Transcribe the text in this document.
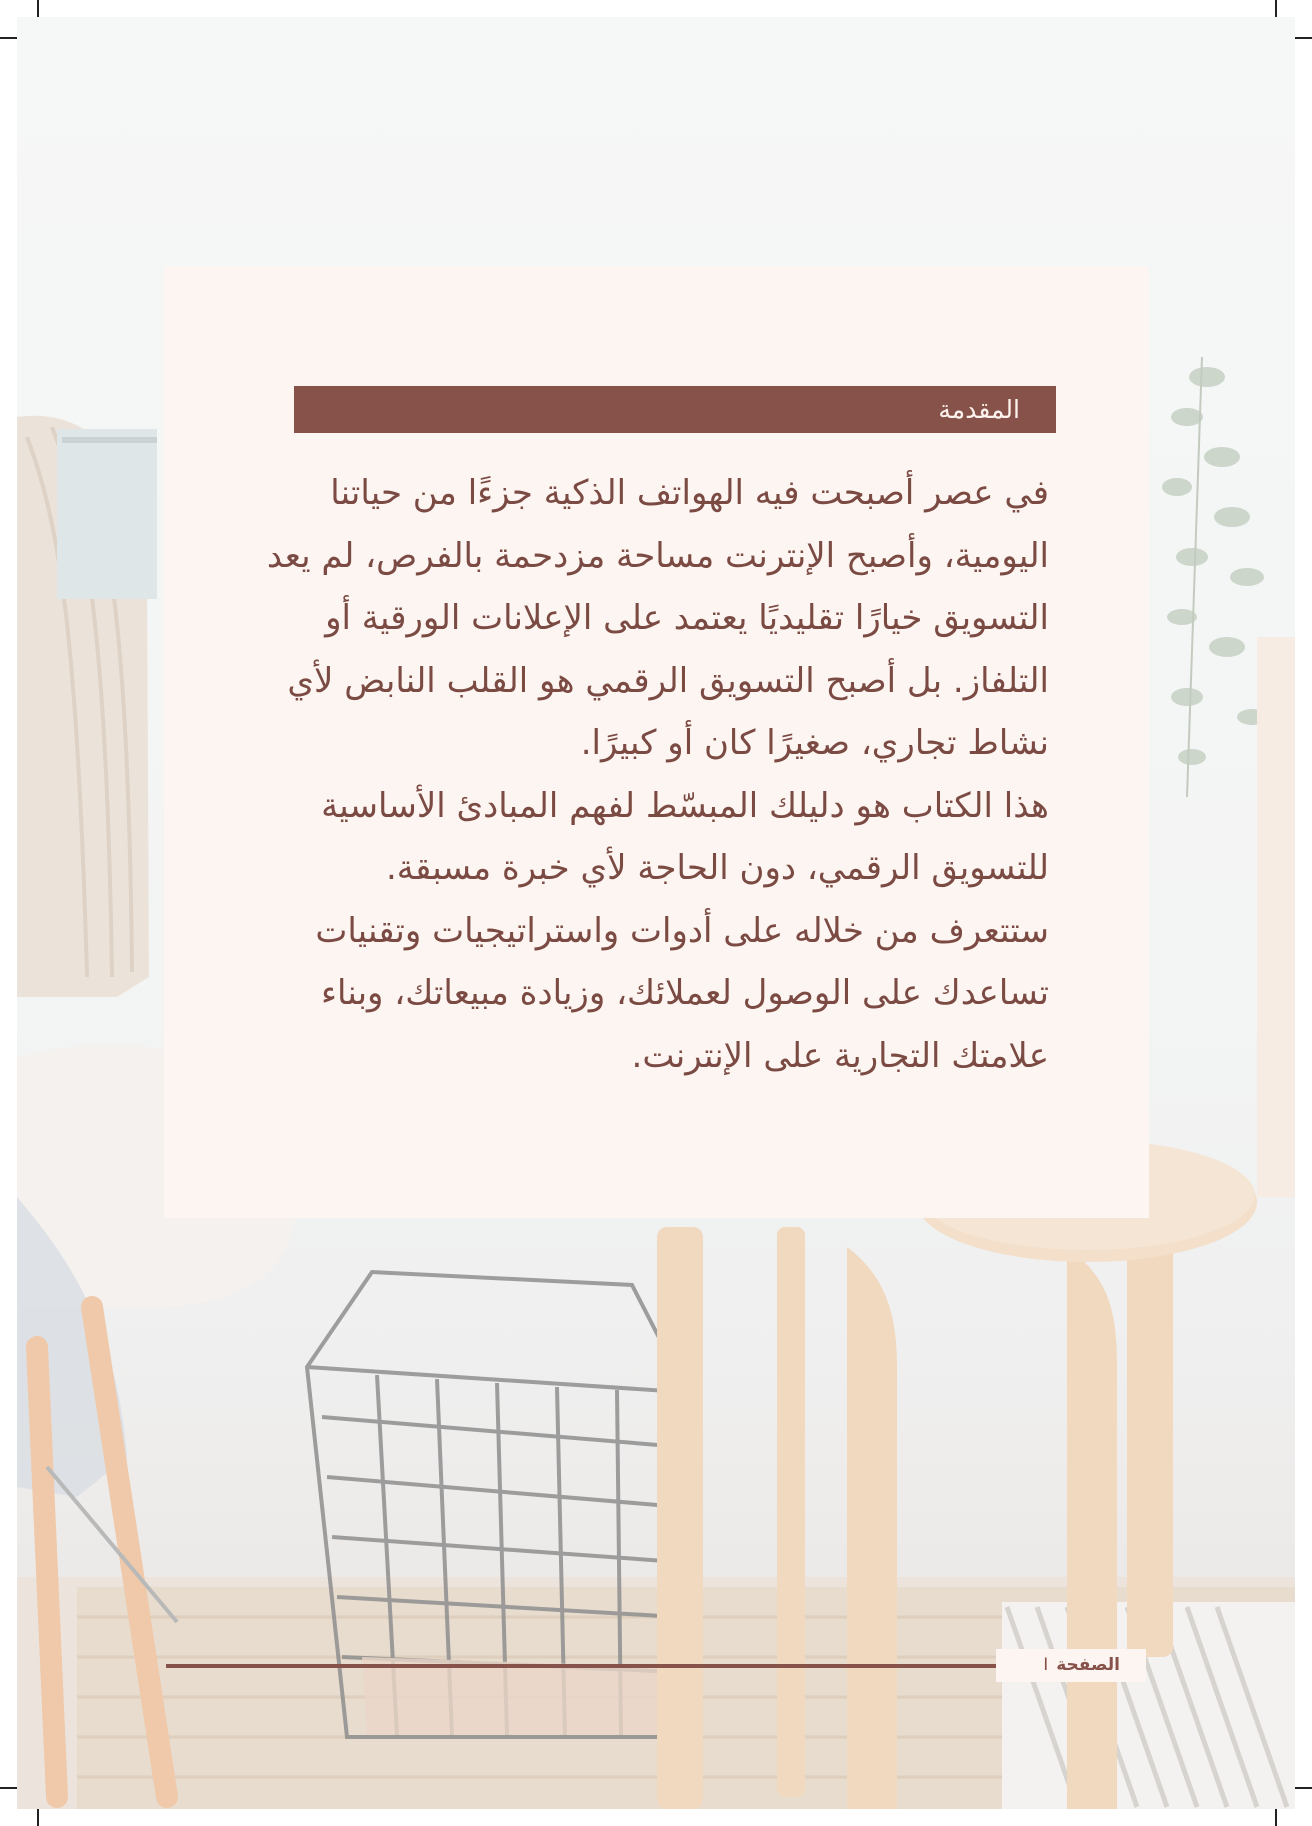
المقدمة

في عصر أصبحت فيه الهواتف الذكية جزءًا من حياتنا اليومية، وأصبح الإنترنت مساحة مزدحمة بالفرص، لم يعد التسويق خيارًا تقليديًا يعتمد على الإعلانات الورقية أو التلفاز. بل أصبح التسويق الرقمي هو القلب النابض لأي نشاط تجاري، صغيرًا كان أو كبيرًا.

هذا الكتاب هو دليلك المبسّط لفهم المبادئ الأساسية للتسويق الرقمي، دون الحاجة لأي خبرة مسبقة. ستتعرف من خلاله على أدوات واستراتيجيات وتقنيات تساعدك على الوصول لعملائك، وزيادة مبيعاتك، وبناء علامتك التجارية على الإنترنت.

الصفحةI
